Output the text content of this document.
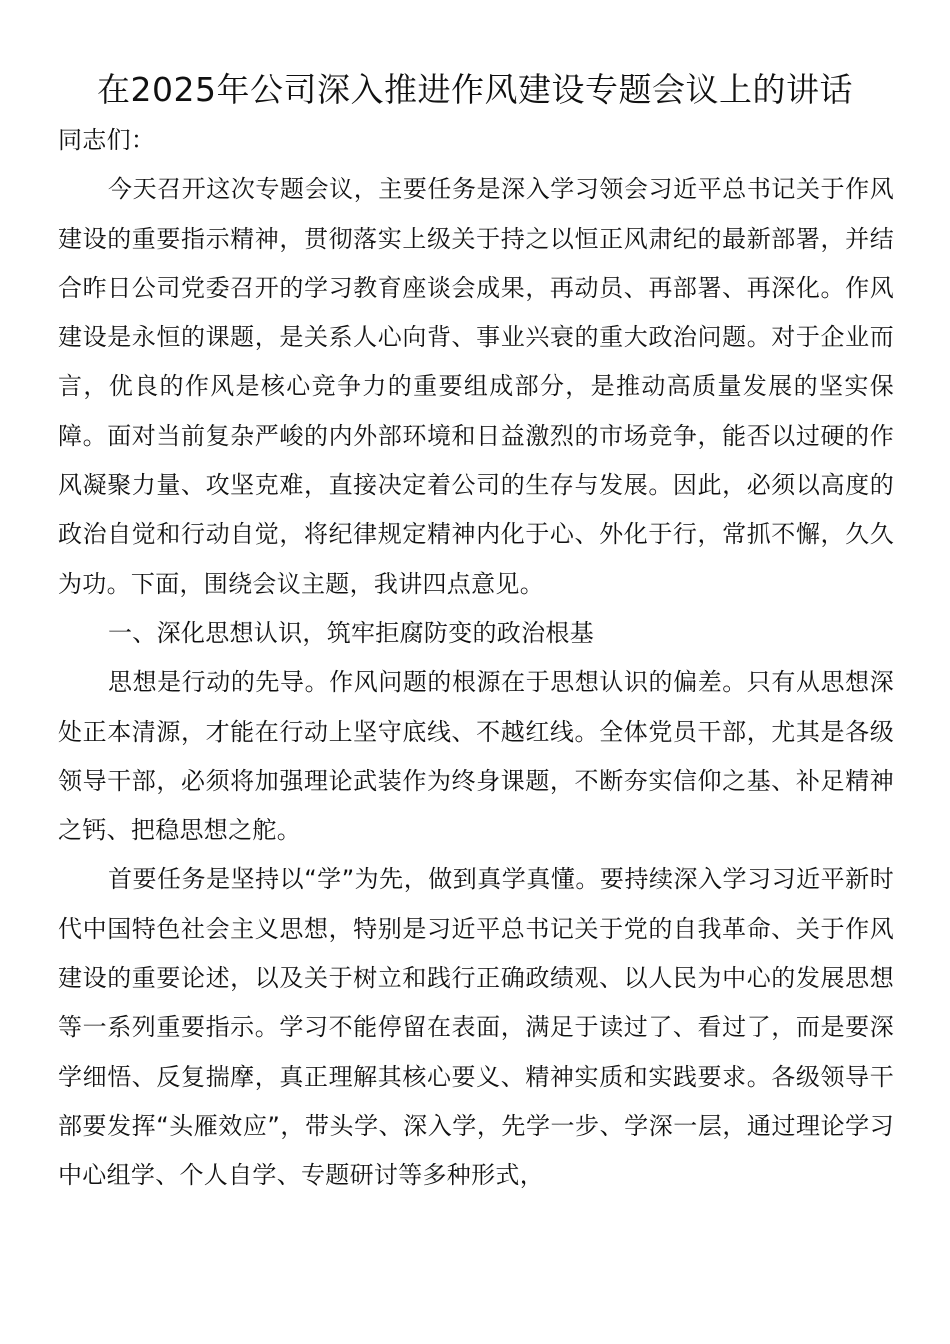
在2025年公司深入推进作风建设专题会议上的讲话

同志们：

今天召开这次专题会议，主要任务是深入学习领会习近平总书记关于作风建设的重要指示精神，贯彻落实上级关于持之以恒正风肃纪的最新部署，并结合昨日公司党委召开的学习教育座谈会成果，再动员、再部署、再深化。作风建设是永恒的课题，是关系人心向背、事业兴衰的重大政治问题。对于企业而言，优良的作风是核心竞争力的重要组成部分，是推动高质量发展的坚实保障。面对当前复杂严峻的内外部环境和日益激烈的市场竞争，能否以过硬的作风凝聚力量、攻坚克难，直接决定着公司的生存与发展。因此，必须以高度的政治自觉和行动自觉，将纪律规定精神内化于心、外化于行，常抓不懈，久久为功。下面，围绕会议主题，我讲四点意见。

一、深化思想认识，筑牢拒腐防变的政治根基

思想是行动的先导。作风问题的根源在于思想认识的偏差。只有从思想深处正本清源，才能在行动上坚守底线、不越红线。全体党员干部，尤其是各级领导干部，必须将加强理论武装作为终身课题，不断夯实信仰之基、补足精神之钙、把稳思想之舵。

首要任务是坚持以“学”为先，做到真学真懂。要持续深入学习习近平新时代中国特色社会主义思想，特别是习近平总书记关于党的自我革命、关于作风建设的重要论述，以及关于树立和践行正确政绩观、以人民为中心的发展思想等一系列重要指示。学习不能停留在表面，满足于读过了、看过了，而是要深学细悟、反复揣摩，真正理解其核心要义、精神实质和实践要求。各级领导干部要发挥“头雁效应”，带头学、深入学，先学一步、学深一层，通过理论学习中心组学、个人自学、专题研讨等多种形式，
